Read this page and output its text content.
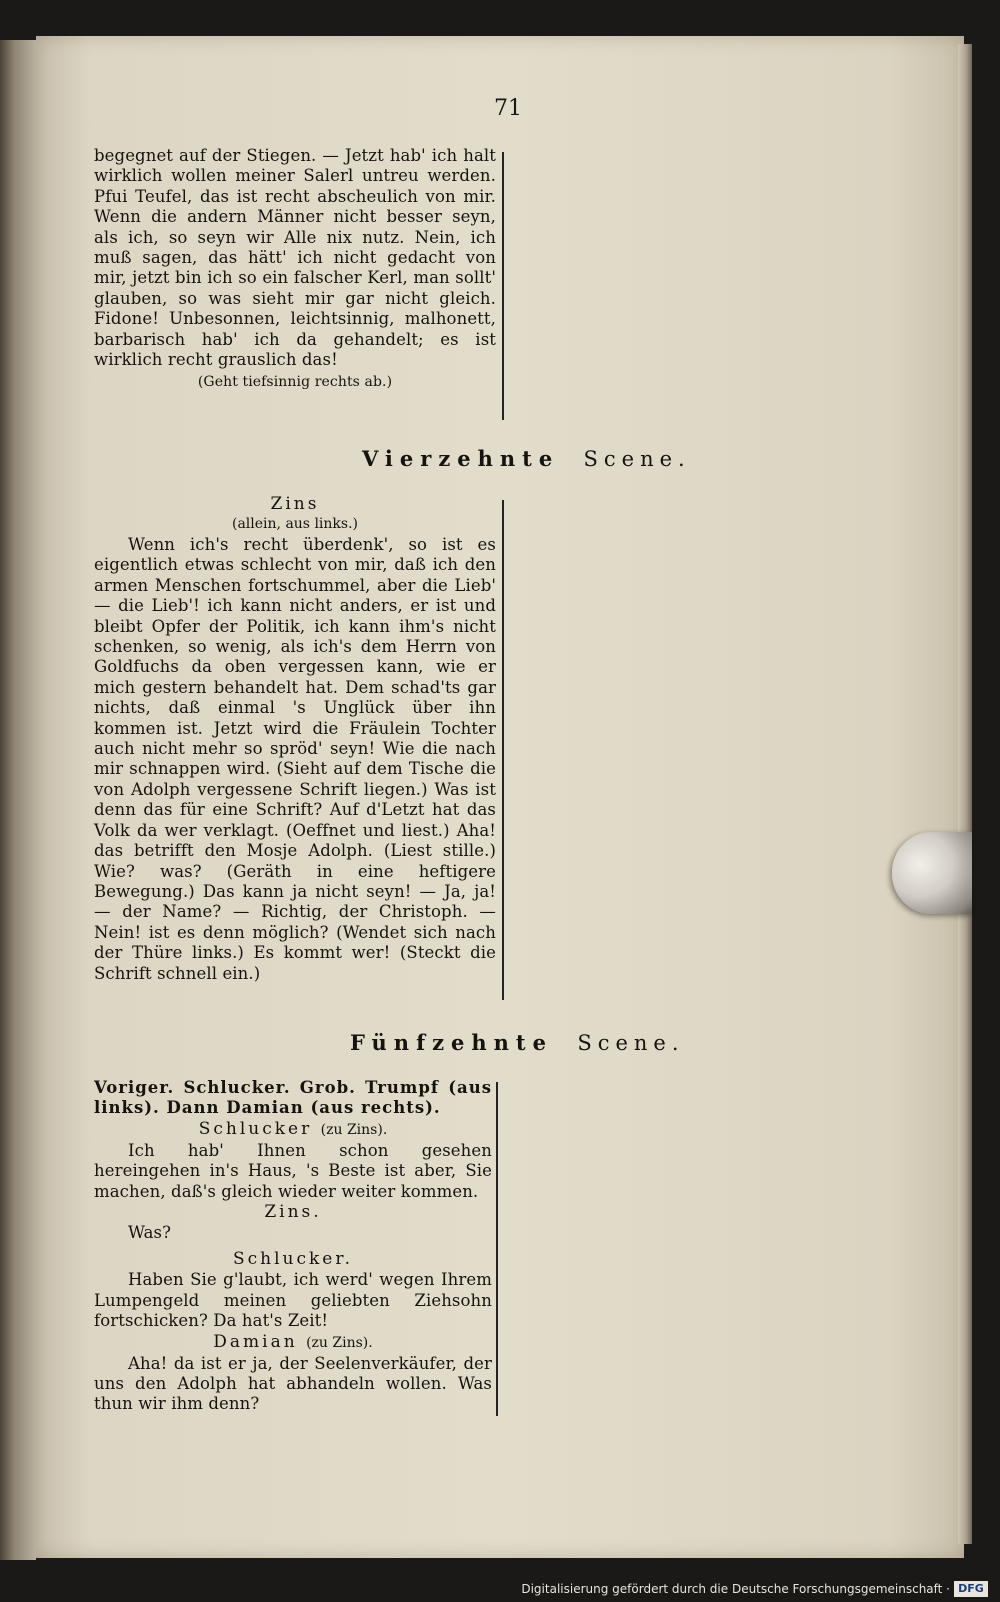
71

begegnet auf der Stiegen. — Jetzt hab' ich halt wirklich wollen meiner Salerl untreu werden. Pfui Teufel, das ist recht abscheulich von mir. Wenn die andern Männer nicht besser seyn, als ich, so seyn wir Alle nix nutz. Nein, ich muß sagen, das hätt' ich nicht gedacht von mir, jetzt bin ich so ein falscher Kerl, man sollt' glauben, so was sieht mir gar nicht gleich. Fidone! Unbesonnen, leichtsinnig, malhonett, barbarisch hab' ich da gehandelt; es ist wirklich recht grauslich das!

(Geht tiefsinnig rechts ab.)

Vierzehnte Scene.

Zins

(allein, aus links.)

Wenn ich's recht überdenk', so ist es eigentlich etwas schlecht von mir, daß ich den armen Menschen fortschummel, aber die Lieb' — die Lieb'! ich kann nicht anders, er ist und bleibt Opfer der Politik, ich kann ihm's nicht schenken, so wenig, als ich's dem Herrn von Goldfuchs da oben vergessen kann, wie er mich gestern behandelt hat. Dem schad'ts gar nichts, daß einmal 's Unglück über ihn kommen ist. Jetzt wird die Fräulein Tochter auch nicht mehr so spröd' seyn! Wie die nach mir schnappen wird. (Sieht auf dem Tische die von Adolph vergessene Schrift liegen.) Was ist denn das für eine Schrift? Auf d'Letzt hat das Volk da wer verklagt. (Oeffnet und liest.) Aha! das betrifft den Mosje Adolph. (Liest stille.) Wie? was? (Geräth in eine heftigere Bewegung.) Das kann ja nicht seyn! — Ja, ja! — der Name? — Richtig, der Christoph. — Nein! ist es denn möglich? (Wendet sich nach der Thüre links.) Es kommt wer! (Steckt die Schrift schnell ein.)

Fünfzehnte Scene.

Voriger. Schlucker. Grob. Trumpf (aus links). Dann Damian (aus rechts).

Schlucker (zu Zins).

Ich hab' Ihnen schon gesehen hereingehen in's Haus, 's Beste ist aber, Sie machen, daß's gleich wieder weiter kommen.

Zins.

Was?

Schlucker.

Haben Sie g'laubt, ich werd' wegen Ihrem Lumpengeld meinen geliebten Ziehsohn fortschicken? Da hat's Zeit!

Damian (zu Zins).

Aha! da ist er ja, der Seelenverkäufer, der uns den Adolph hat abhandeln wollen. Was thun wir ihm denn?

Digitalisierung gefördert durch die Deutsche Forschungsgemeinschaft · DFG
